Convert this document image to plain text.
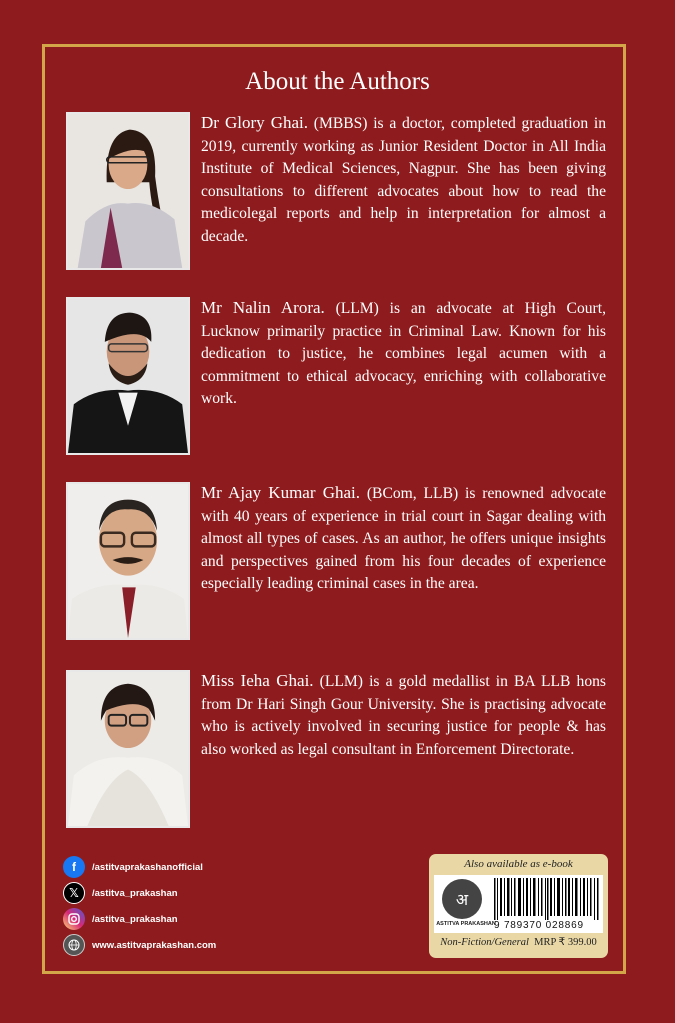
About the Authors
Dr Glory Ghai. (MBBS) is a doctor, completed graduation in 2019, currently working as Junior Resident Doctor in All India Institute of Medical Sciences, Nagpur. She has been giving consultations to different advocates about how to read the medicolegal reports and help in interpretation for almost a decade.
Mr Nalin Arora. (LLM) is an advocate at High Court, Lucknow primarily practice in Criminal Law. Known for his dedication to justice, he combines legal acumen with a commitment to ethical advocacy, enriching with collaborative work.
Mr Ajay Kumar Ghai. (BCom, LLB) is renowned advocate with 40 years of experience in trial court in Sagar dealing with almost all types of cases. As an author, he offers unique insights and perspectives gained from his four decades of experience especially leading criminal cases in the area.
Miss Ieha Ghai. (LLM) is a gold medallist in BA LLB hons from Dr Hari Singh Gour University. She is practising advocate who is actively involved in securing justice for people & has also worked as legal consultant in Enforcement Directorate.
f	/astitvaprakashanofficial
𝕏	/astitva_prakashan
/astitva_prakashan
www.astitvaprakashan.com
Also available as e-book
अ
ASTITVA PRAKASHAN
9 789370 028869
Non-Fiction/General MRP ₹ 399.00
